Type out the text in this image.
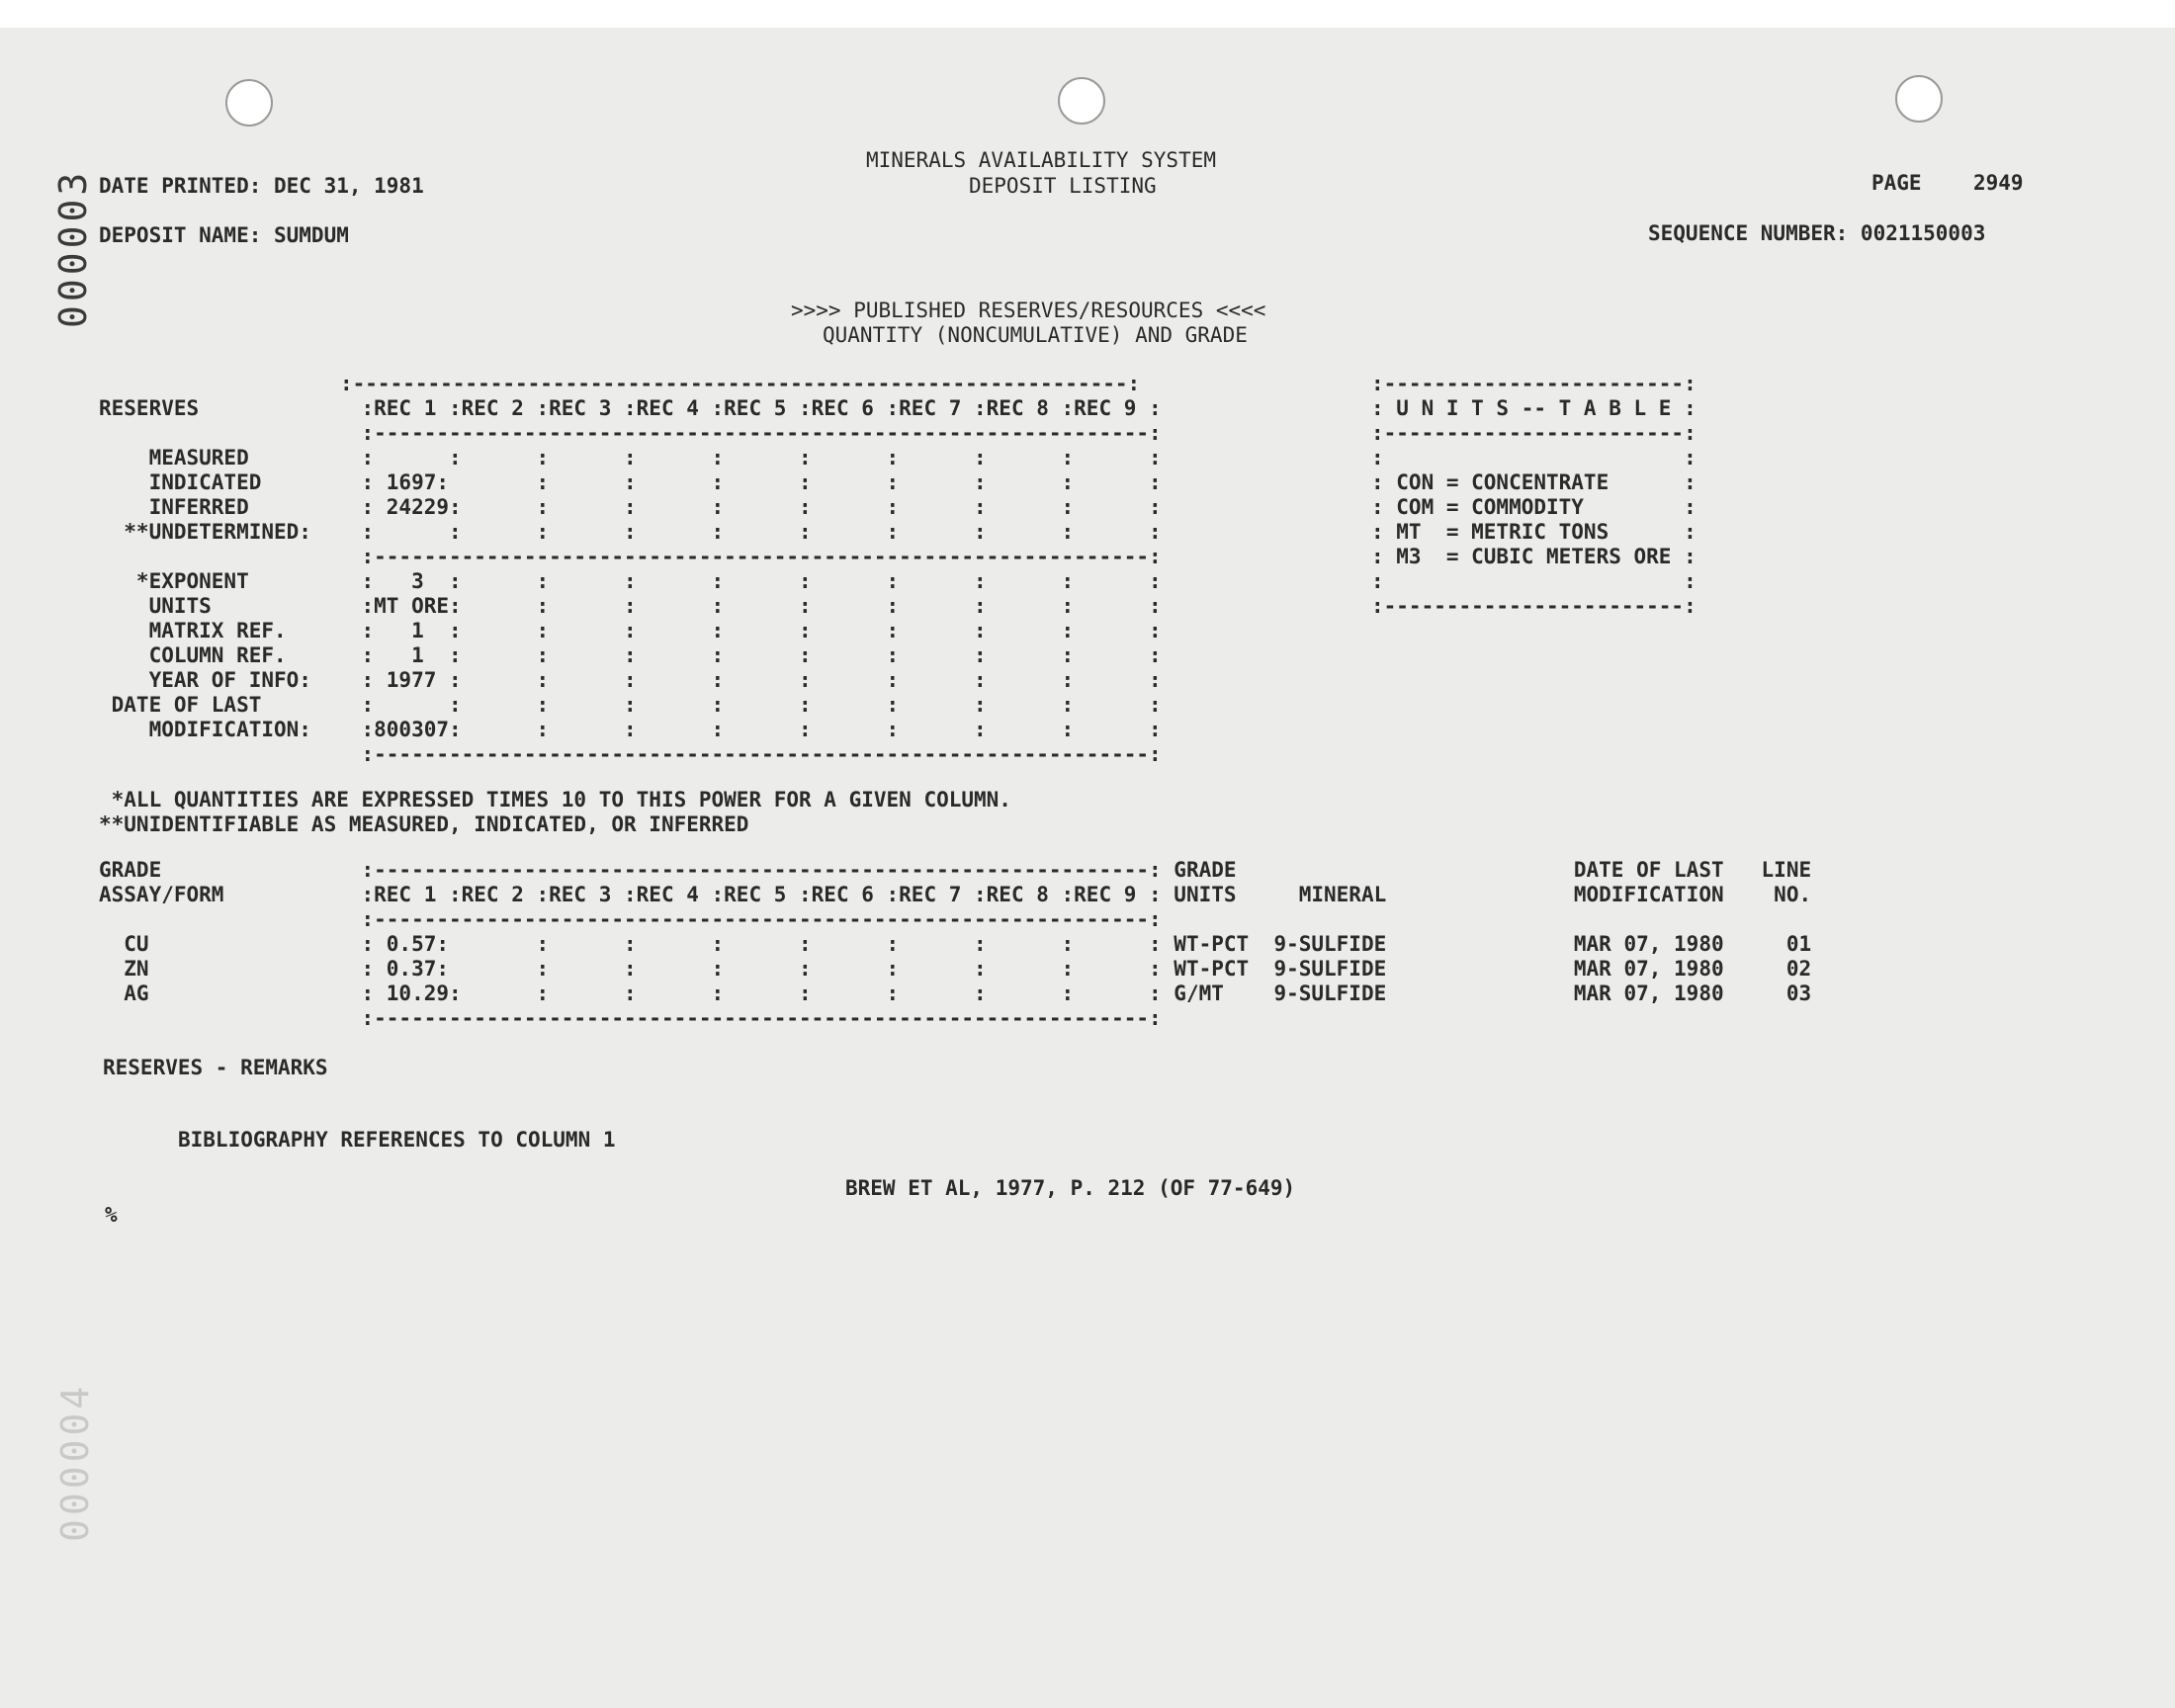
000003
000004
DATE PRINTED: DEC 31, 1981
MINERALS AVAILABILITY SYSTEM
DEPOSIT LISTING	PAGE 2949
DEPOSIT NAME: SUMDUM	SEQUENCE NUMBER: 0021150003
>>>> PUBLISHED RESERVES/RESOURCES <<<<
QUANTITY (NONCUMULATIVE) AND GRADE
:--------------------------------------------------------------:
RESERVES             :REC 1 :REC 2 :REC 3 :REC 4 :REC 5 :REC 6 :REC 7 :REC 8 :REC 9 :
:--------------------------------------------------------------:
MEASURED         :      :      :      :      :      :      :      :      :      :
INDICATED        : 1697:       :      :      :      :      :      :      :      :
INFERRED         : 24229:      :      :      :      :      :      :      :      :
**UNDETERMINED:    :      :      :      :      :      :      :      :      :      :
:--------------------------------------------------------------:
*EXPONENT         :   3  :      :      :      :      :      :      :      :      :
UNITS            :MT ORE:      :      :      :      :      :      :      :      :
MATRIX REF.      :   1  :      :      :      :      :      :      :      :      :
COLUMN REF.      :   1  :      :      :      :      :      :      :      :      :
YEAR OF INFO:    : 1977 :      :      :      :      :      :      :      :      :
DATE OF LAST        :      :      :      :      :      :      :      :      :      :
MODIFICATION:    :800307:      :      :      :      :      :      :      :      :
:--------------------------------------------------------------:
:------------------------:
: U N I T S -- T A B L E :
:------------------------:
:                        :
: CON = CONCENTRATE      :
: COM = COMMODITY        :
: MT  = METRIC TONS      :
: M3  = CUBIC METERS ORE :
:                        :
:------------------------:
*ALL QUANTITIES ARE EXPRESSED TIMES 10 TO THIS POWER FOR A GIVEN COLUMN.
**UNIDENTIFIABLE AS MEASURED, INDICATED, OR INFERRED
GRADE                :--------------------------------------------------------------: GRADE                           DATE OF LAST   LINE
ASSAY/FORM           :REC 1 :REC 2 :REC 3 :REC 4 :REC 5 :REC 6 :REC 7 :REC 8 :REC 9 : UNITS     MINERAL               MODIFICATION    NO.
:--------------------------------------------------------------:
CU                 : 0.57:       :      :      :      :      :      :      :      : WT-PCT  9-SULFIDE               MAR 07, 1980     01
ZN                 : 0.37:       :      :      :      :      :      :      :      : WT-PCT  9-SULFIDE               MAR 07, 1980     02
AG                 : 10.29:      :      :      :      :      :      :      :      : G/MT    9-SULFIDE               MAR 07, 1980     03
:--------------------------------------------------------------:
RESERVES - REMARKS
BIBLIOGRAPHY REFERENCES TO COLUMN 1
BREW ET AL, 1977, P. 212 (OF 77-649)
%
